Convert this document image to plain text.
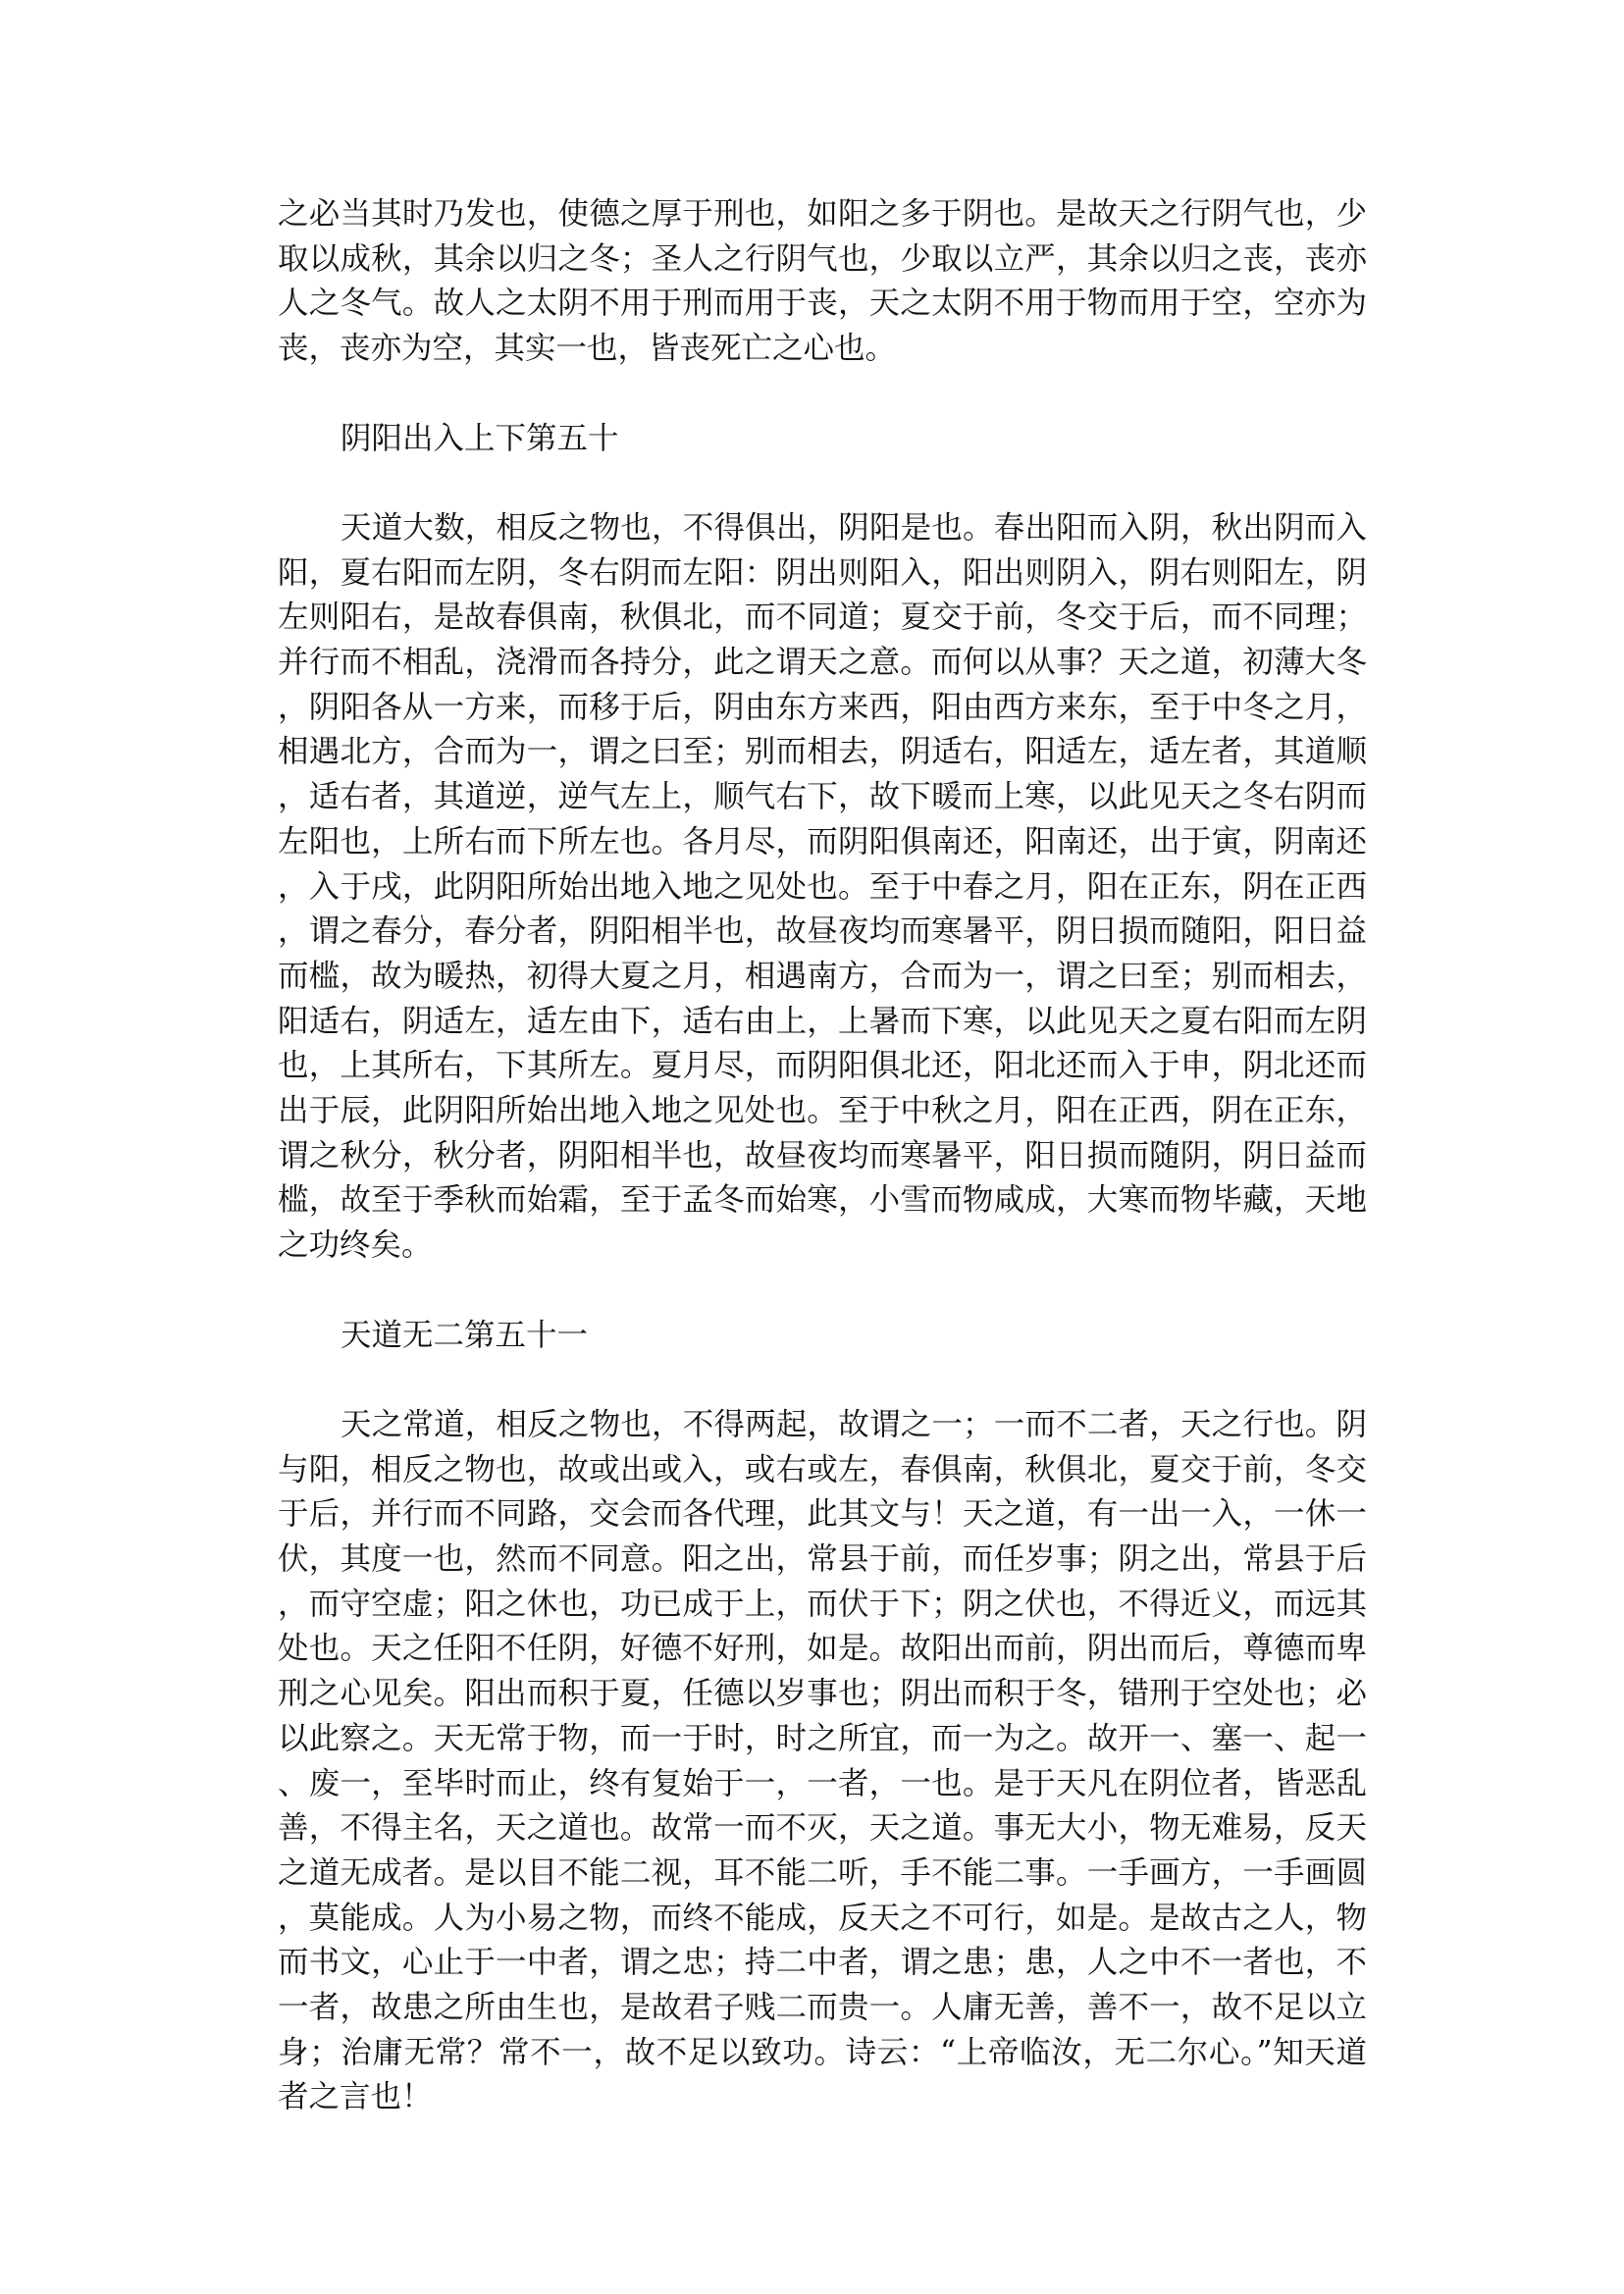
之必当其时乃发也，使德之厚于刑也，如阳之多于阴也。是故天之行阴气也，少取以成秋，其余以归之冬；圣人之行阴气也，少取以立严，其余以归之丧，丧亦人之冬气。故人之太阴不用于刑而用于丧，天之太阴不用于物而用于空，空亦为丧，丧亦为空，其实一也，皆丧死亡之心也。

阴阳出入上下第五十

天道大数，相反之物也，不得俱出，阴阳是也。春出阳而入阴，秋出阴而入阳，夏右阳而左阴，冬右阴而左阳：阴出则阳入，阳出则阴入，阴右则阳左，阴左则阳右，是故春俱南，秋俱北，而不同道；夏交于前，冬交于后，而不同理；并行而不相乱，浇滑而各持分，此之谓天之意。而何以从事？天之道，初薄大冬，阴阳各从一方来，而移于后，阴由东方来西，阳由西方来东，至于中冬之月，相遇北方，合而为一，谓之曰至；别而相去，阴适右，阳适左，适左者，其道顺，适右者，其道逆，逆气左上，顺气右下，故下暖而上寒，以此见天之冬右阴而左阳也，上所右而下所左也。各月尽，而阴阳俱南还，阳南还，出于寅，阴南还，入于戌，此阴阳所始出地入地之见处也。至于中春之月，阳在正东，阴在正西，谓之春分，春分者，阴阳相半也，故昼夜均而寒暑平，阴日损而随阳，阳日益而槛，故为暖热，初得大夏之月，相遇南方，合而为一，谓之曰至；别而相去，阳适右，阴适左，适左由下，适右由上，上暑而下寒，以此见天之夏右阳而左阴也，上其所右，下其所左。夏月尽，而阴阳俱北还，阳北还而入于申，阴北还而出于辰，此阴阳所始出地入地之见处也。至于中秋之月，阳在正西，阴在正东，谓之秋分，秋分者，阴阳相半也，故昼夜均而寒暑平，阳日损而随阴，阴日益而槛，故至于季秋而始霜，至于孟冬而始寒，小雪而物咸成，大寒而物毕藏，天地之功终矣。

天道无二第五十一

天之常道，相反之物也，不得两起，故谓之一；一而不二者，天之行也。阴与阳，相反之物也，故或出或入，或右或左，春俱南，秋俱北，夏交于前，冬交于后，并行而不同路，交会而各代理，此其文与！天之道，有一出一入，一休一伏，其度一也，然而不同意。阳之出，常县于前，而任岁事；阴之出，常县于后，而守空虚；阳之休也，功已成于上，而伏于下；阴之伏也，不得近义，而远其处也。天之任阳不任阴，好德不好刑，如是。故阳出而前，阴出而后，尊德而卑刑之心见矣。阳出而积于夏，任德以岁事也；阴出而积于冬，错刑于空处也；必以此察之。天无常于物，而一于时，时之所宜，而一为之。故开一、塞一、起一、废一，至毕时而止，终有复始于一，一者，一也。是于天凡在阴位者，皆恶乱善，不得主名，天之道也。故常一而不灭，天之道。事无大小，物无难易，反天之道无成者。是以目不能二视，耳不能二听，手不能二事。一手画方，一手画圆，莫能成。人为小易之物，而终不能成，反天之不可行，如是。是故古之人，物而书文，心止于一中者，谓之忠；持二中者，谓之患；患，人之中不一者也，不一者，故患之所由生也，是故君子贱二而贵一。人庸无善，善不一，故不足以立身；治庸无常？常不一，故不足以致功。诗云：“上帝临汝，无二尔心。”知天道者之言也！
